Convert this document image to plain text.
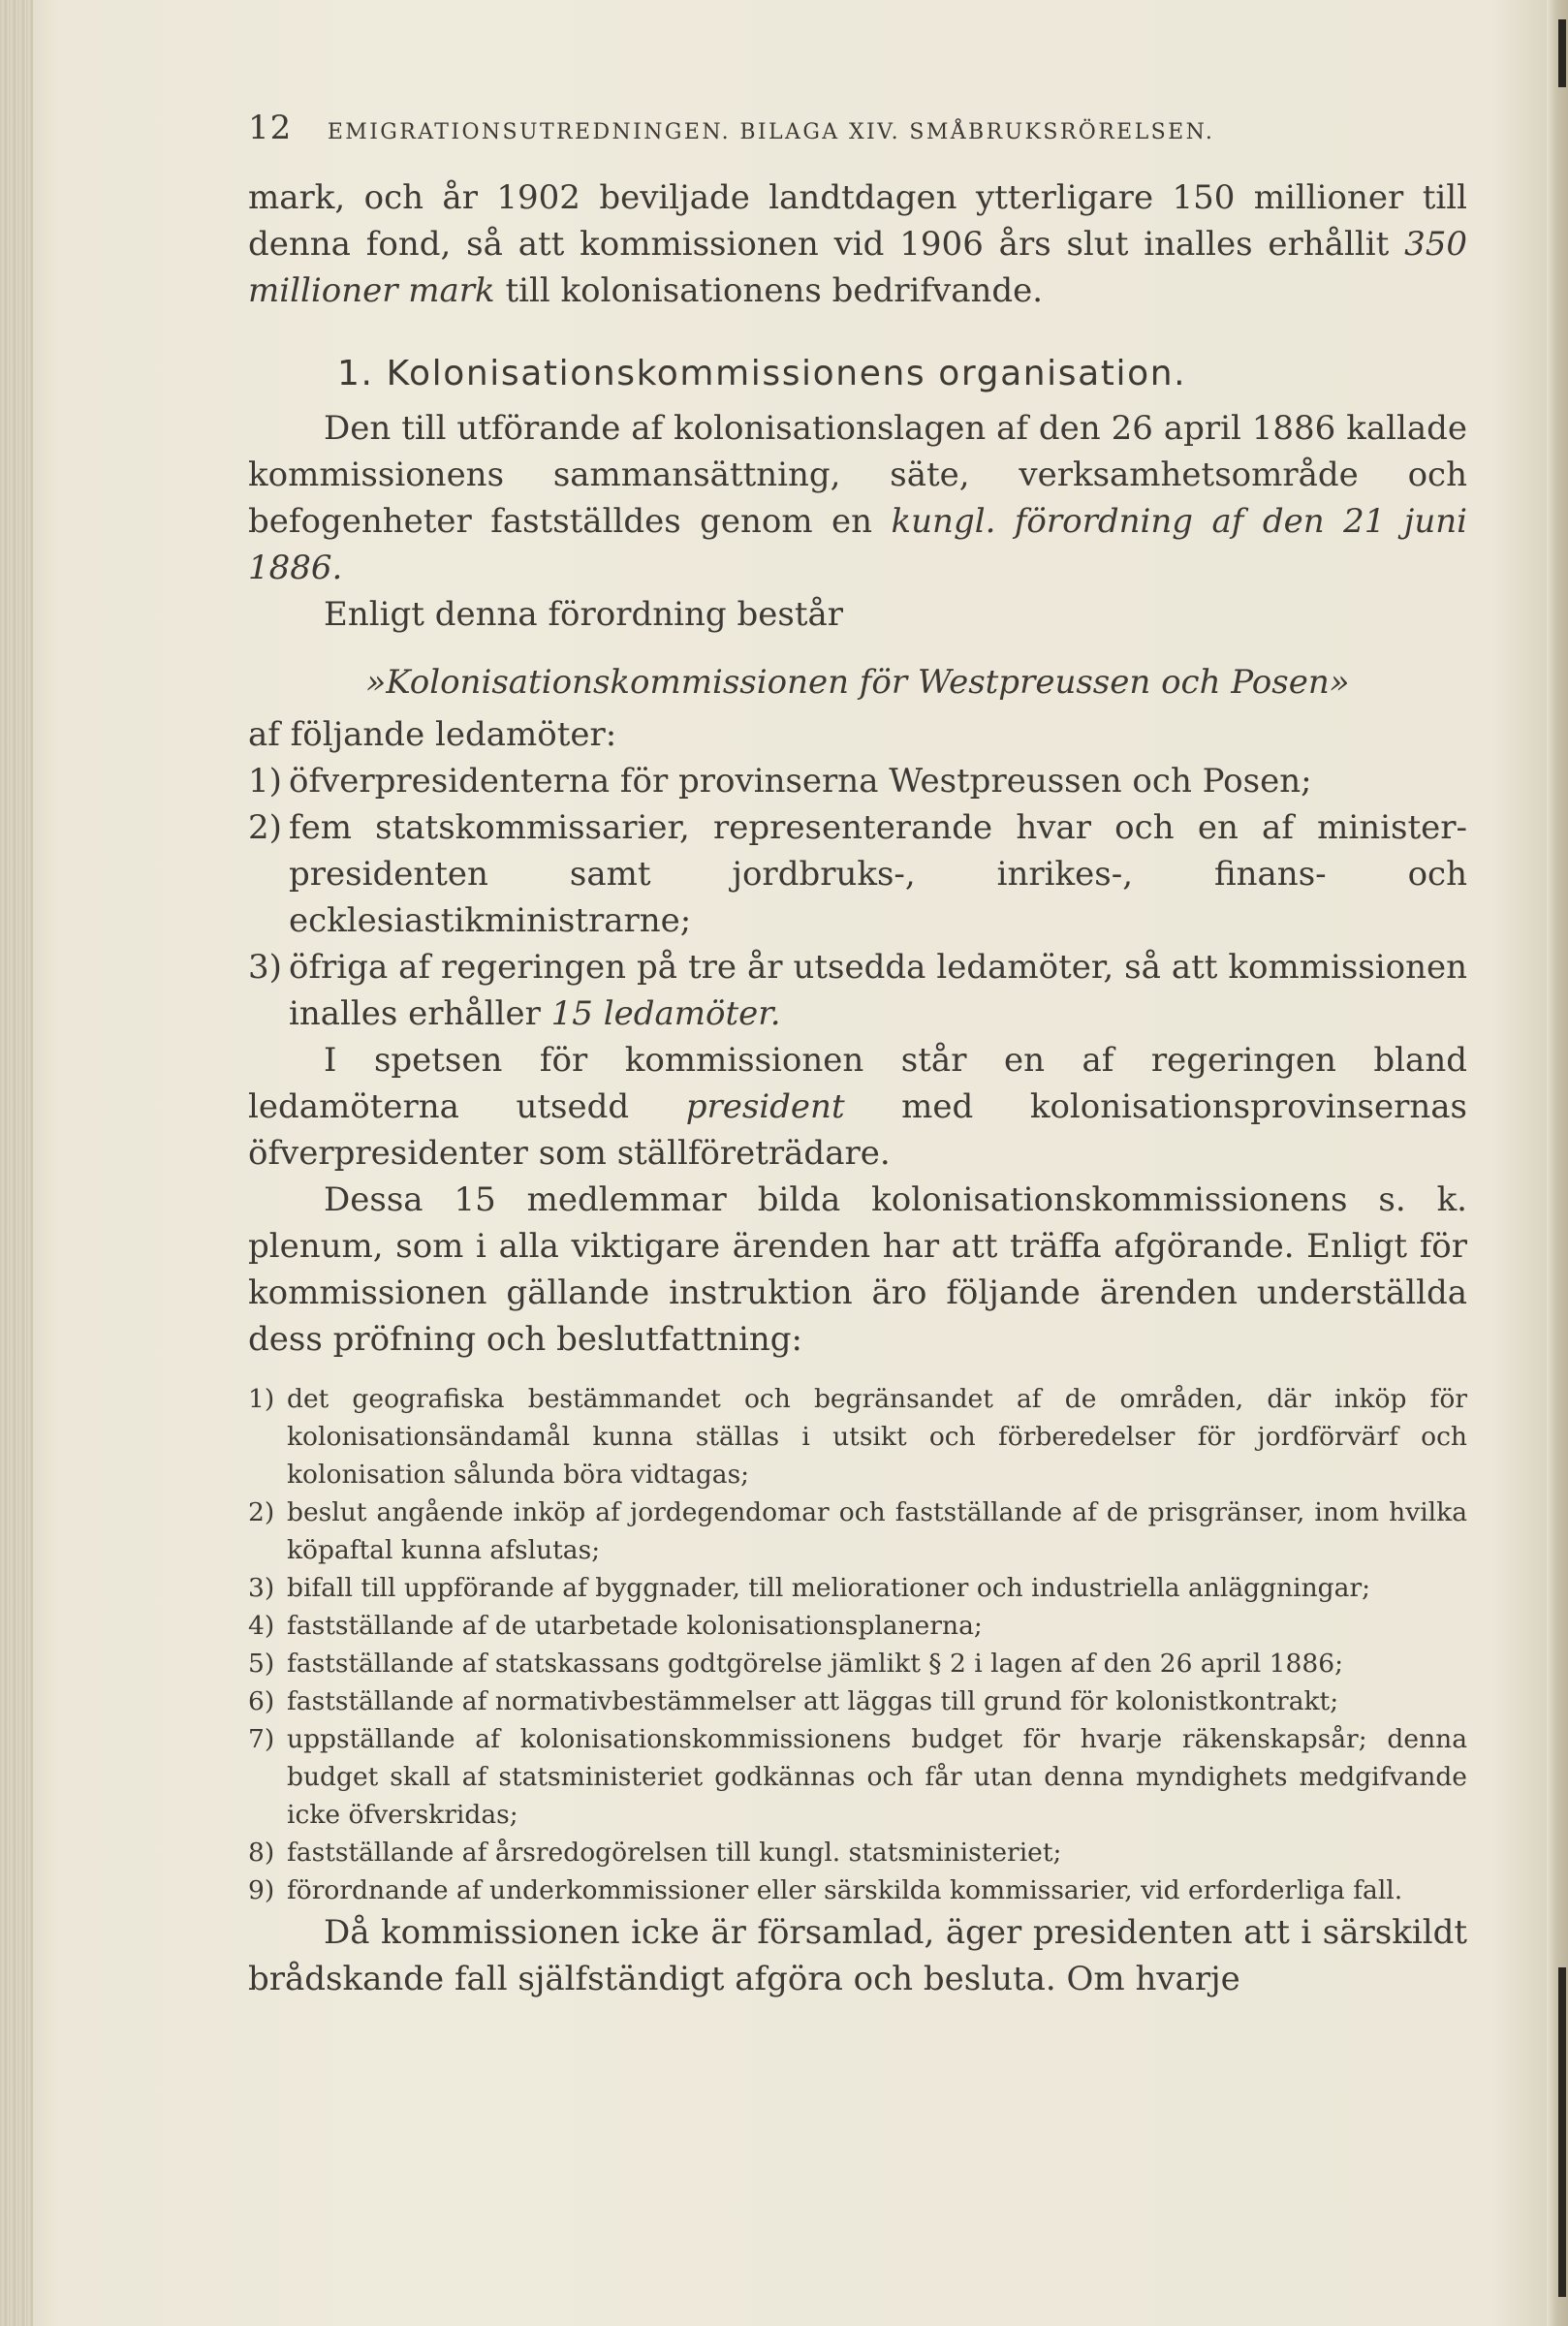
12 EMIGRATIONSUTREDNINGEN. BILAGA XIV. SMÅBRUKSRÖRELSEN.

mark, och år 1902 beviljade landtdagen ytterligare 150 millioner till denna fond, så att kommissionen vid 1906 års slut inalles erhållit 350 millioner mark till kolonisationens bedrifvande.

1. Kolonisationskommissionens organisation.

Den till utförande af kolonisationslagen af den 26 april 1886 kallade kommissionens sammansättning, säte, verksamhetsområde och befogenheter fastställdes genom en kungl. förordning af den 21 juni 1886.

Enligt denna förordning består

»Kolonisationskommissionen för Westpreussen och Posen»

af följande ledamöter:

1) öfverpresidenterna för provinserna Westpreussen och Posen;
2) fem statskommissarier, representerande hvar och en af minister-presidenten samt jordbruks-, inrikes-, finans- och ecklesiastikministrarne;
3) öfriga af regeringen på tre år utsedda ledamöter, så att kommissionen inalles erhåller 15 ledamöter.

I spetsen för kommissionen står en af regeringen bland ledamöterna utsedd president med kolonisationsprovinsernas öfverpresidenter som ställföreträdare.

Dessa 15 medlemmar bilda kolonisationskommissionens s. k. plenum, som i alla viktigare ärenden har att träffa afgörande. Enligt för kommissionen gällande instruktion äro följande ärenden underställda dess pröfning och beslutfattning:

1) det geografiska bestämmandet och begränsandet af de områden, där inköp för kolonisationsändamål kunna ställas i utsikt och förberedelser för jordförvärf och kolonisation sålunda böra vidtagas;
2) beslut angående inköp af jordegendomar och fastställande af de prisgränser, inom hvilka köpaftal kunna afslutas;
3) bifall till uppförande af byggnader, till meliorationer och industriella anläggningar;
4) fastställande af de utarbetade kolonisationsplanerna;
5) fastställande af statskassans godtgörelse jämlikt § 2 i lagen af den 26 april 1886;
6) fastställande af normativbestämmelser att läggas till grund för kolonistkontrakt;
7) uppställande af kolonisationskommissionens budget för hvarje räkenskapsår; denna budget skall af statsministeriet godkännas och får utan denna myndighets medgifvande icke öfverskridas;
8) fastställande af årsredogörelsen till kungl. statsministeriet;
9) förordnande af underkommissioner eller särskilda kommissarier, vid erforderliga fall.

Då kommissionen icke är församlad, äger presidenten att i särskildt brådskande fall själfständigt afgöra och besluta. Om hvarje
